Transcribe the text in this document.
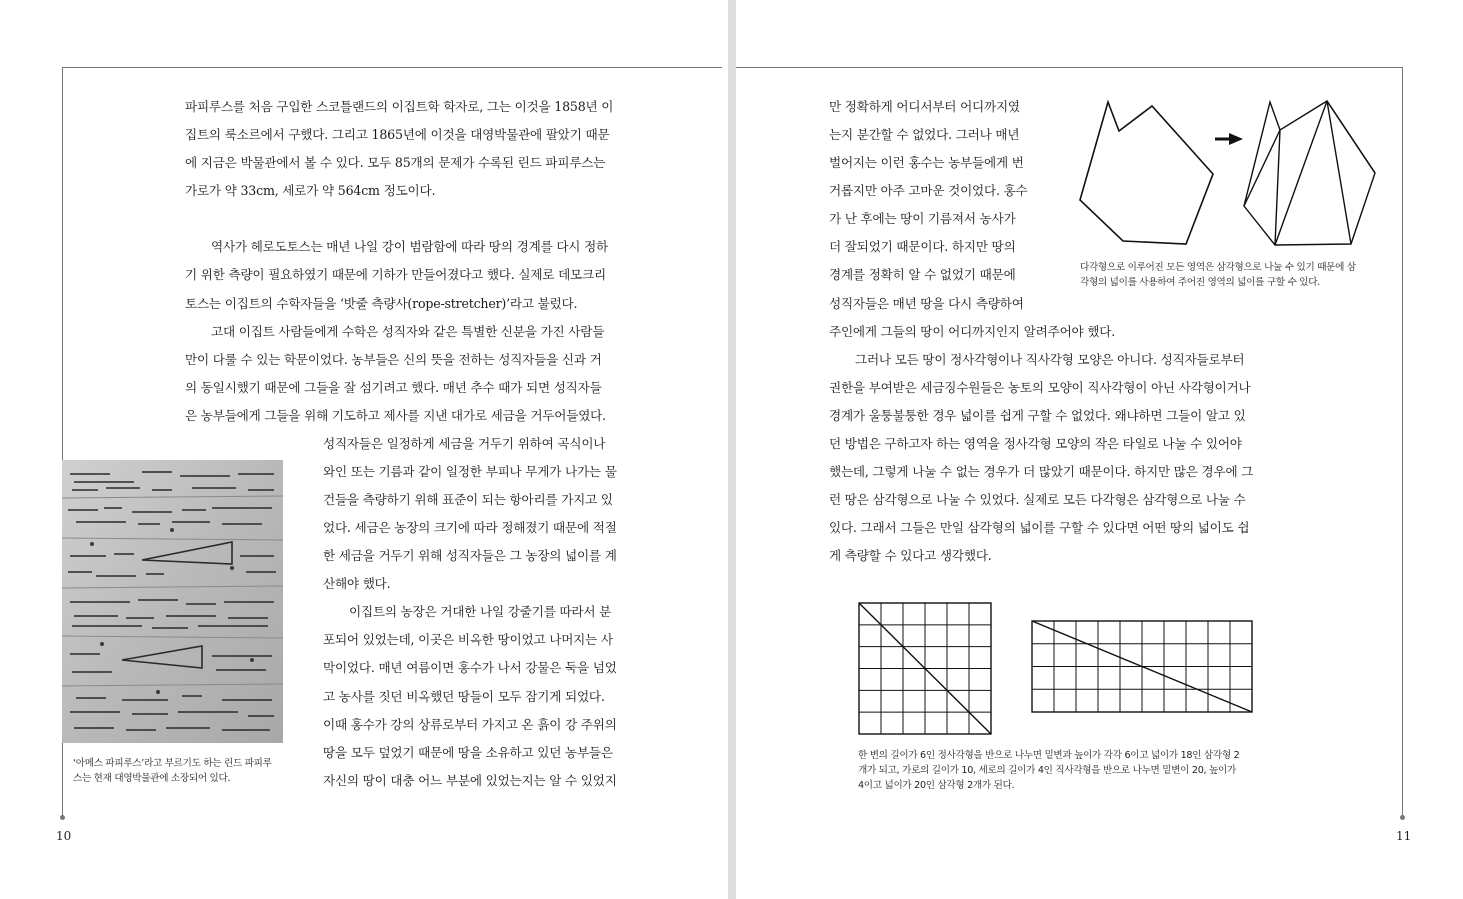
10	11
파피루스를 처음 구입한 스코틀랜드의 이집트학 학자로, 그는 이것을 1858년 이
집트의 룩소르에서 구했다. 그리고 1865년에 이것을 대영박물관에 팔았기 때문
에 지금은 박물관에서 볼 수 있다. 모두 85개의 문제가 수록된 린드 파피루스는
가로가 약 33cm, 세로가 약 564cm 정도이다.
역사가 헤로도토스는 매년 나일 강이 범람함에 따라 땅의 경계를 다시 정하
기 위한 측량이 필요하였기 때문에 기하가 만들어졌다고 했다. 실제로 데모크리
토스는 이집트의 수학자들을 ‘밧줄 측량사(rope-stretcher)’라고 불렀다.
고대 이집트 사람들에게 수학은 성직자와 같은 특별한 신분을 가진 사람들
만이 다룰 수 있는 학문이었다. 농부들은 신의 뜻을 전하는 성직자들을 신과 거
의 동일시했기 때문에 그들을 잘 섬기려고 했다. 매년 추수 때가 되면 성직자들
은 농부들에게 그들을 위해 기도하고 제사를 지낸 대가로 세금을 거두어들였다.
성직자들은 일정하게 세금을 거두기 위하여 곡식이나
와인 또는 기름과 같이 일정한 부피나 무게가 나가는 물
건들을 측량하기 위해 표준이 되는 항아리를 가지고 있
었다. 세금은 농장의 크기에 따라 정해졌기 때문에 적절
한 세금을 거두기 위해 성직자들은 그 농장의 넓이를 계
산해야 했다.
이집트의 농장은 거대한 나일 강줄기를 따라서 분
포되어 있었는데, 이곳은 비옥한 땅이었고 나머지는 사
막이었다. 매년 여름이면 홍수가 나서 강물은 둑을 넘었
고 농사를 짓던 비옥했던 땅들이 모두 잠기게 되었다.
이때 홍수가 강의 상류로부터 가지고 온 흙이 강 주위의
땅을 모두 덮었기 때문에 땅을 소유하고 있던 농부들은
자신의 땅이 대충 어느 부분에 있었는지는 알 수 있었지
‘아메스 파피루스’라고 부르기도 하는 린드 파피루
스는 현재 대영박물관에 소장되어 있다.
만 정확하게 어디서부터 어디까지였
는지 분간할 수 없었다. 그러나 매년
벌어지는 이런 홍수는 농부들에게 번
거롭지만 아주 고마운 것이었다. 홍수
가 난 후에는 땅이 기름져서 농사가
더 잘되었기 때문이다. 하지만 땅의
경계를 정확히 알 수 없었기 때문에
성직자들은 매년 땅을 다시 측량하여
주인에게 그들의 땅이 어디까지인지 알려주어야 했다.
그러나 모든 땅이 정사각형이나 직사각형 모양은 아니다. 성직자들로부터
권한을 부여받은 세금징수원들은 농토의 모양이 직사각형이 아닌 사각형이거나
경계가 울퉁불퉁한 경우 넓이를 쉽게 구할 수 없었다. 왜냐하면 그들이 알고 있
던 방법은 구하고자 하는 영역을 정사각형 모양의 작은 타일로 나눌 수 있어야
했는데, 그렇게 나눌 수 없는 경우가 더 많았기 때문이다. 하지만 많은 경우에 그
런 땅은 삼각형으로 나눌 수 있었다. 실제로 모든 다각형은 삼각형으로 나눌 수
있다. 그래서 그들은 만일 삼각형의 넓이를 구할 수 있다면 어떤 땅의 넓이도 쉽
게 측량할 수 있다고 생각했다.
다각형으로 이루어진 모든 영역은 삼각형으로 나눌 수 있기 때문에 삼
각형의 넓이를 사용하여 주어진 영역의 넓이를 구할 수 있다.
한 변의 길이가 6인 정사각형을 반으로 나누면 밑변과 높이가 각각 6이고 넓이가 18인 삼각형 2
개가 되고, 가로의 길이가 10, 세로의 길이가 4인 직사각형을 반으로 나누면 밑변이 20, 높이가
4이고 넓이가 20인 삼각형 2개가 된다.
